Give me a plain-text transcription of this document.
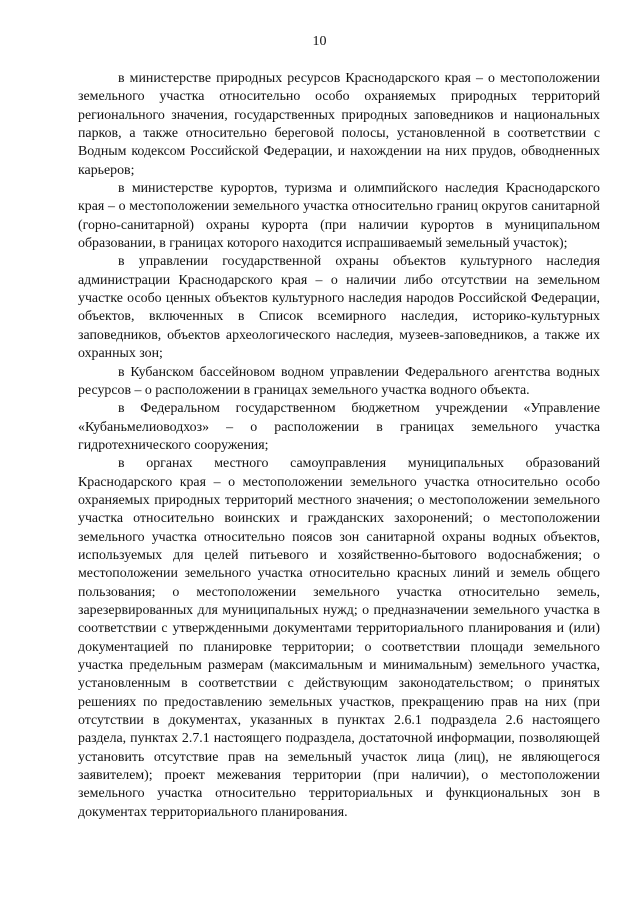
10

в министерстве природных ресурсов Краснодарского края – о местоположении земельного участка относительно особо охраняемых природных территорий регионального значения, государственных природных заповедников и национальных парков, а также относительно береговой полосы, установленной в соответствии с Водным кодексом Российской Федерации, и нахождении на них прудов, обводненных карьеров;

в министерстве курортов, туризма и олимпийского наследия Краснодарского края – о местоположении земельного участка относительно границ округов санитарной (горно-санитарной) охраны курорта (при наличии курортов в муниципальном образовании, в границах которого находится испрашиваемый земельный участок);

в управлении государственной охраны объектов культурного наследия администрации Краснодарского края – о наличии либо отсутствии на земельном участке особо ценных объектов культурного наследия народов Российской Федерации, объектов, включенных в Список всемирного наследия, историко-культурных заповедников, объектов археологического наследия, музеев-заповедников, а также их охранных зон;

в Кубанском бассейновом водном управлении Федерального агентства водных ресурсов – о расположении в границах земельного участка водного объекта.

в Федеральном государственном бюджетном учреждении «Управление «Кубаньмелиоводхоз» – о расположении в границах земельного участка гидротехнического сооружения;

в органах местного самоуправления муниципальных образований Краснодарского края – о местоположении земельного участка относительно особо охраняемых природных территорий местного значения; о местоположении земельного участка относительно воинских и гражданских захоронений; о местоположении земельного участка относительно поясов зон санитарной охраны водных объектов, используемых для целей питьевого и хозяйственно-бытового водоснабжения; о местоположении земельного участка относительно красных линий и земель общего пользования; о местоположении земельного участка относительно земель, зарезервированных для муниципальных нужд; о предназначении земельного участка в соответствии с утвержденными документами территориального планирования и (или) документацией по планировке территории; о соответствии площади земельного участка предельным размерам (максимальным и минимальным) земельного участка, установленным в соответствии с действующим законодательством; о принятых решениях по предоставлению земельных участков, прекращению прав на них (при отсутствии в документах, указанных в пунктах 2.6.1 подраздела 2.6 настоящего раздела, пунктах 2.7.1 настоящего подраздела, достаточной информации, позволяющей установить отсутствие прав на земельный участок лица (лиц), не являющегося заявителем); проект межевания территории (при наличии), о местоположении земельного участка относительно территориальных и функциональных зон в документах территориального планирования.
